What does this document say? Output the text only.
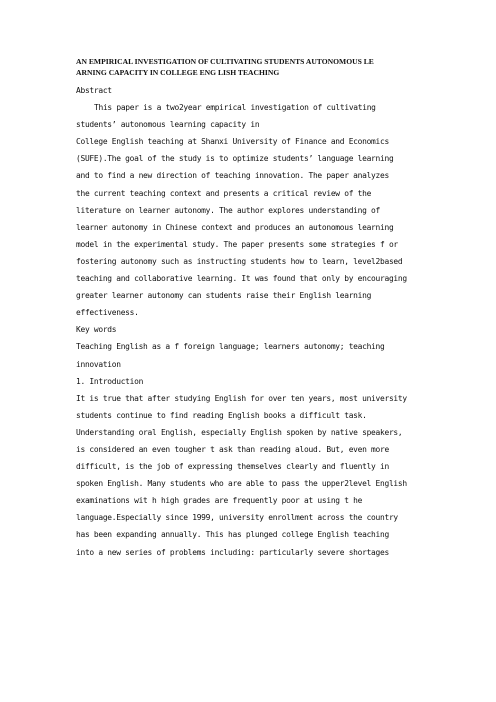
AN EMPIRICAL INVESTIGATION OF CULTIVATING STUDENTS AUTONOMOUS LE
ARNING CAPACITY IN COLLEGE ENG LISH TEACHING
Abstract
This paper is a two2year empirical investigation of cultivating
students’ autonomous learning capacity in
College English teaching at Shanxi University of Finance and Economics
(SUFE).The goal of the study is to optimize students’ language learning
and to find a new direction of teaching innovation. The paper analyzes
the current teaching context and presents a critical review of the
literature on learner autonomy. The author explores understanding of
learner autonomy in Chinese context and produces an autonomous learning
model in the experimental study. The paper presents some strategies f or
fostering autonomy such as instructing students how to learn, level2based
teaching and collaborative learning. It was found that only by encouraging
greater learner autonomy can students raise their English learning
effectiveness.
Key words
Teaching English as a f foreign language; learners autonomy; teaching
innovation
1. Introduction
It is true that after studying English for over ten years, most university
students continue to find reading English books a difficult task.
Understanding oral English, especially English spoken by native speakers,
is considered an even tougher t ask than reading aloud. But, even more
difficult, is the job of expressing themselves clearly and fluently in
spoken English. Many students who are able to pass the upper2level English
examinations wit h high grades are frequently poor at using t he
language.Especially since 1999, university enrollment across the country
has been expanding annually. This has plunged college English teaching
into a new series of problems including: particularly severe shortages
